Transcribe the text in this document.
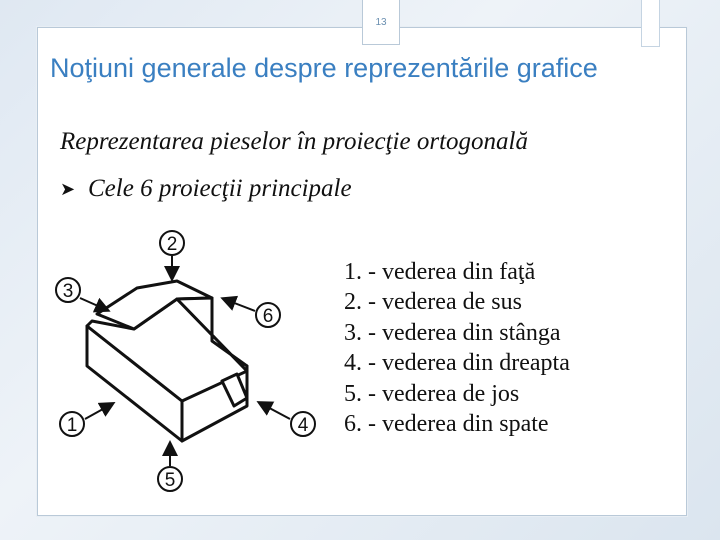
13
Noţiuni generale despre reprezentările grafice
Reprezentarea pieselor în proiecţie ortogonală
➤ Cele 6 proiecţii principale
2
3
6
1	4
5
1. - vederea din faţă
2. - vederea de sus
3. - vederea din stânga
4. - vederea din dreapta
5. - vederea de jos
6. - vederea din spate
